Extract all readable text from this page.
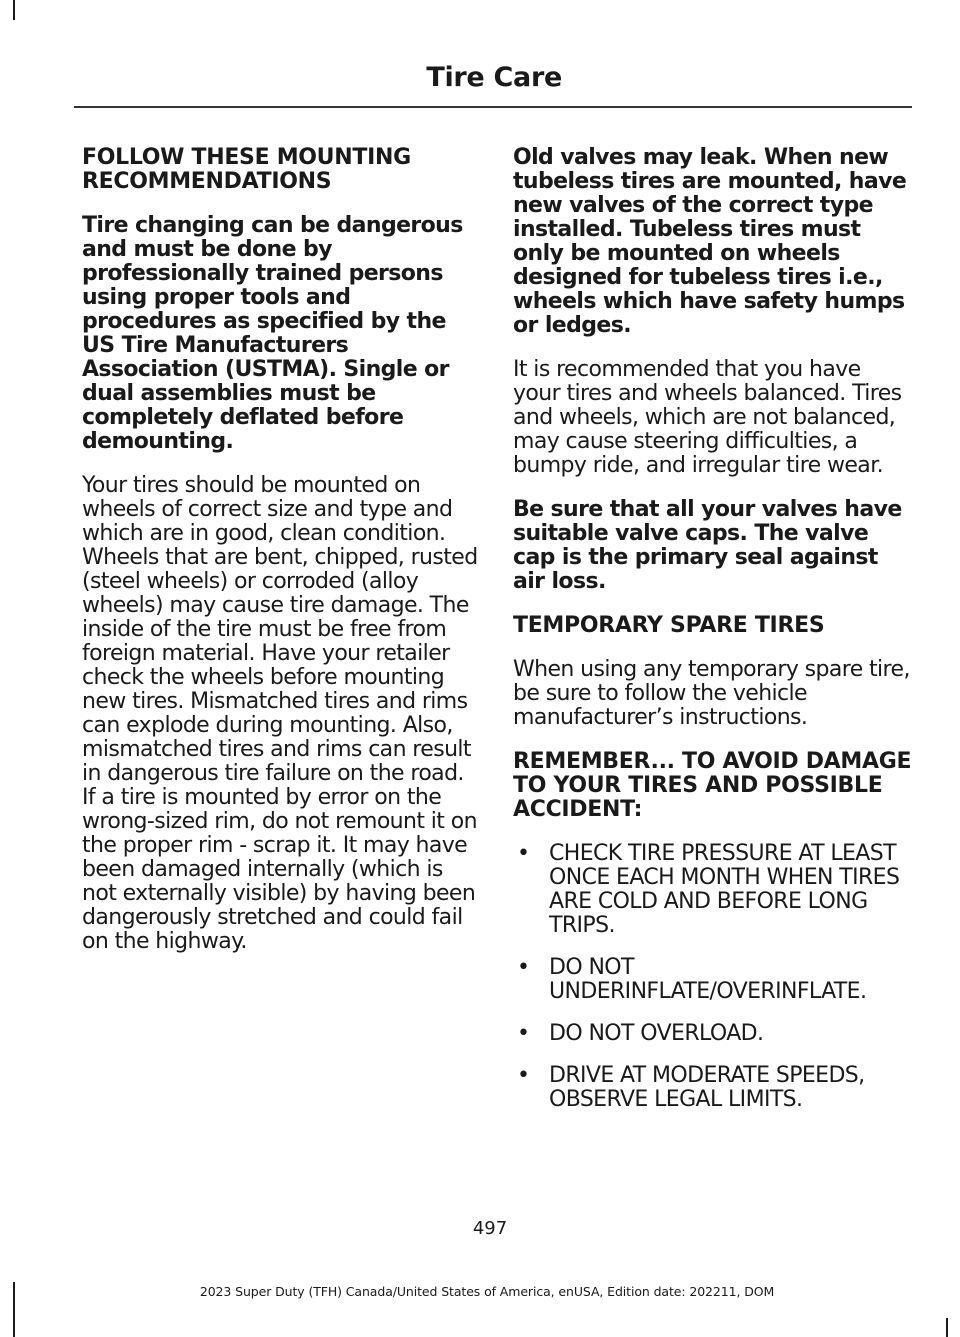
Tire Care

FOLLOW THESE MOUNTING RECOMMENDATIONS

Tire changing can be dangerous and must be done by professionally trained persons using proper tools and procedures as specified by the US Tire Manufacturers Association (USTMA). Single or dual assemblies must be completely deflated before demounting.

Your tires should be mounted on wheels of correct size and type and which are in good, clean condition. Wheels that are bent, chipped, rusted (steel wheels) or corroded (alloy wheels) may cause tire damage. The inside of the tire must be free from foreign material. Have your retailer check the wheels before mounting new tires. Mismatched tires and rims can explode during mounting. Also, mismatched tires and rims can result in dangerous tire failure on the road. If a tire is mounted by error on the wrong-sized rim, do not remount it on the proper rim - scrap it. It may have been damaged internally (which is not externally visible) by having been dangerously stretched and could fail on the highway.

Old valves may leak. When new tubeless tires are mounted, have new valves of the correct type installed. Tubeless tires must only be mounted on wheels designed for tubeless tires i.e., wheels which have safety humps or ledges.

It is recommended that you have your tires and wheels balanced. Tires and wheels, which are not balanced, may cause steering difficulties, a bumpy ride, and irregular tire wear.

Be sure that all your valves have suitable valve caps. The valve cap is the primary seal against air loss.

TEMPORARY SPARE TIRES

When using any temporary spare tire, be sure to follow the vehicle manufacturer’s instructions.

REMEMBER... TO AVOID DAMAGE TO YOUR TIRES AND POSSIBLE ACCIDENT:

• CHECK TIRE PRESSURE AT LEAST ONCE EACH MONTH WHEN TIRES ARE COLD AND BEFORE LONG TRIPS.
• DO NOT UNDERINFLATE/OVERINFLATE.
• DO NOT OVERLOAD.
• DRIVE AT MODERATE SPEEDS, OBSERVE LEGAL LIMITS.
497
2023 Super Duty (TFH) Canada/United States of America, enUSA, Edition date: 202211, DOM
